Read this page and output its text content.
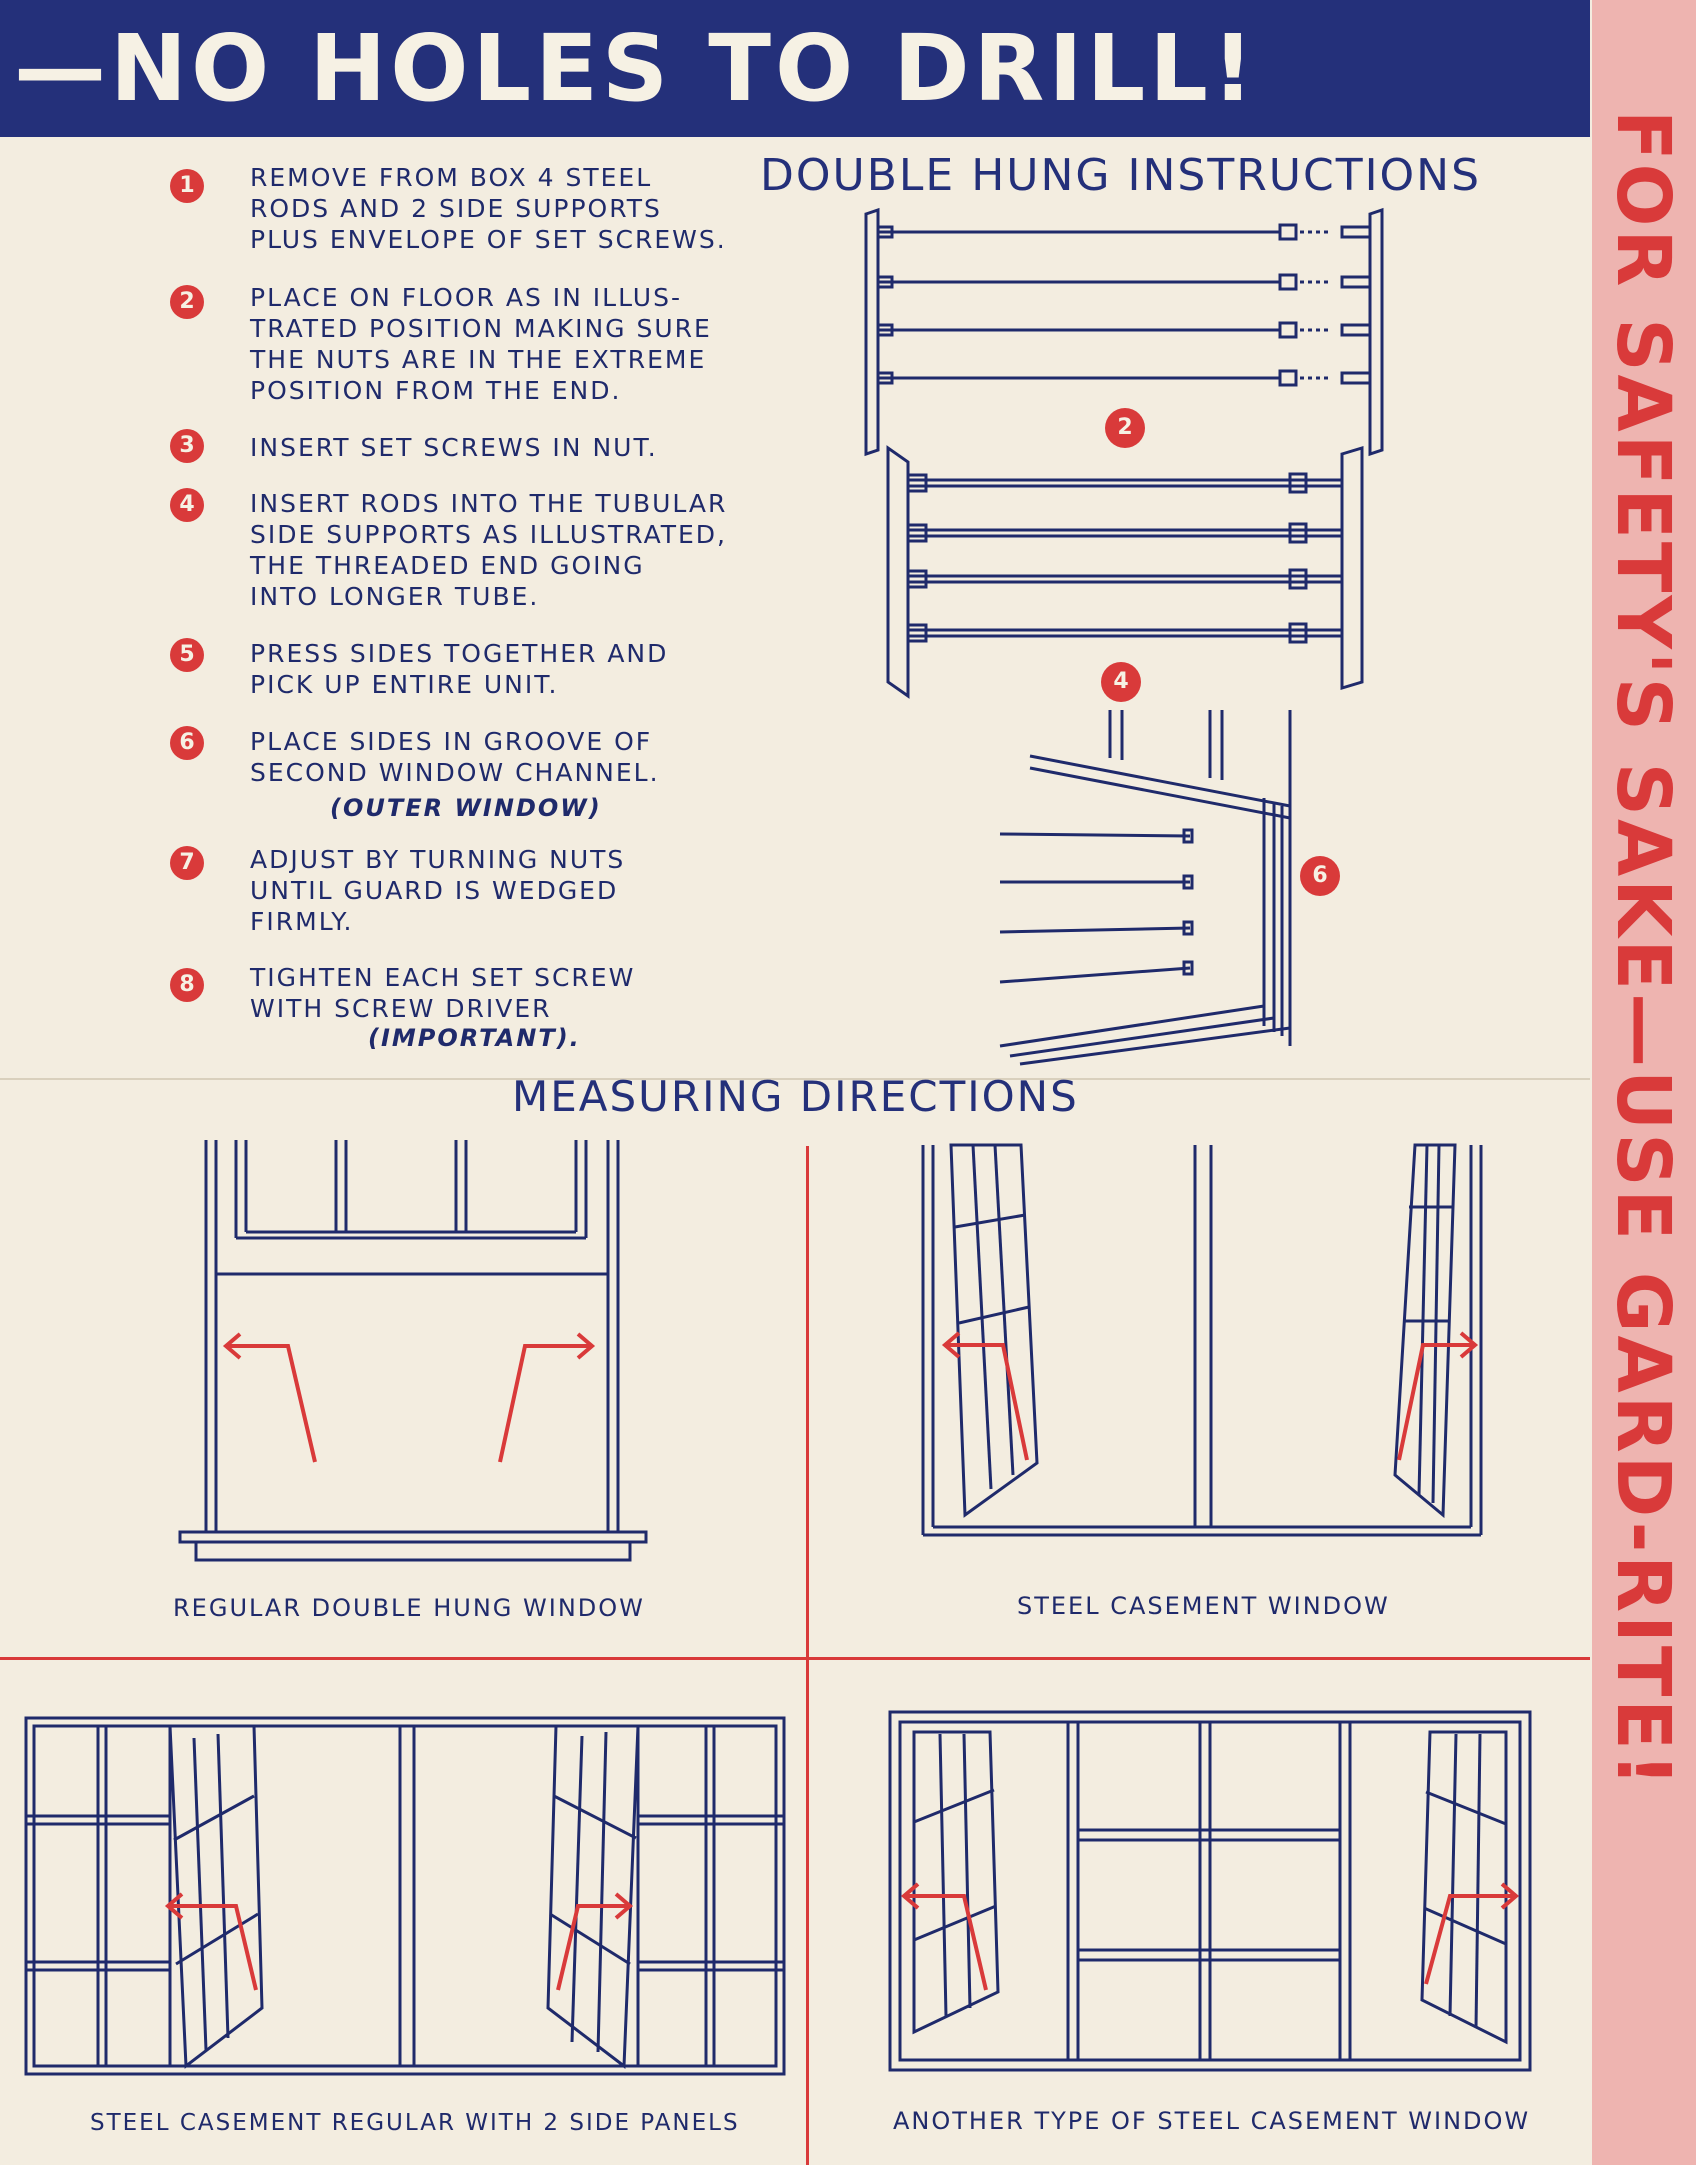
—NO HOLES TO DRILL!
FOR SAFETY'S SAKE—USE GARD-RITE!
1	REMOVE FROM BOX 4 STEEL
RODS AND 2 SIDE SUPPORTS
PLUS ENVELOPE OF SET SCREWS.
2	PLACE ON FLOOR AS IN ILLUS-
TRATED POSITION MAKING SURE
THE NUTS ARE IN THE EXTREME
POSITION FROM THE END.
3	INSERT SET SCREWS IN NUT.
4	INSERT RODS INTO THE TUBULAR
SIDE SUPPORTS AS ILLUSTRATED,
THE THREADED END GOING
INTO LONGER TUBE.
5	PRESS SIDES TOGETHER AND
PICK UP ENTIRE UNIT.
6	PLACE SIDES IN GROOVE OF
SECOND WINDOW CHANNEL.
(OUTER WINDOW)
7	ADJUST BY TURNING NUTS
UNTIL GUARD IS WEDGED
FIRMLY.
8	TIGHTEN EACH SET SCREW
WITH SCREW DRIVER
(IMPORTANT).
DOUBLE HUNG INSTRUCTIONS
2
4
6
MEASURING DIRECTIONS
REGULAR DOUBLE HUNG WINDOW	STEEL CASEMENT WINDOW
STEEL CASEMENT REGULAR WITH 2 SIDE PANELS	ANOTHER TYPE OF STEEL CASEMENT WINDOW
